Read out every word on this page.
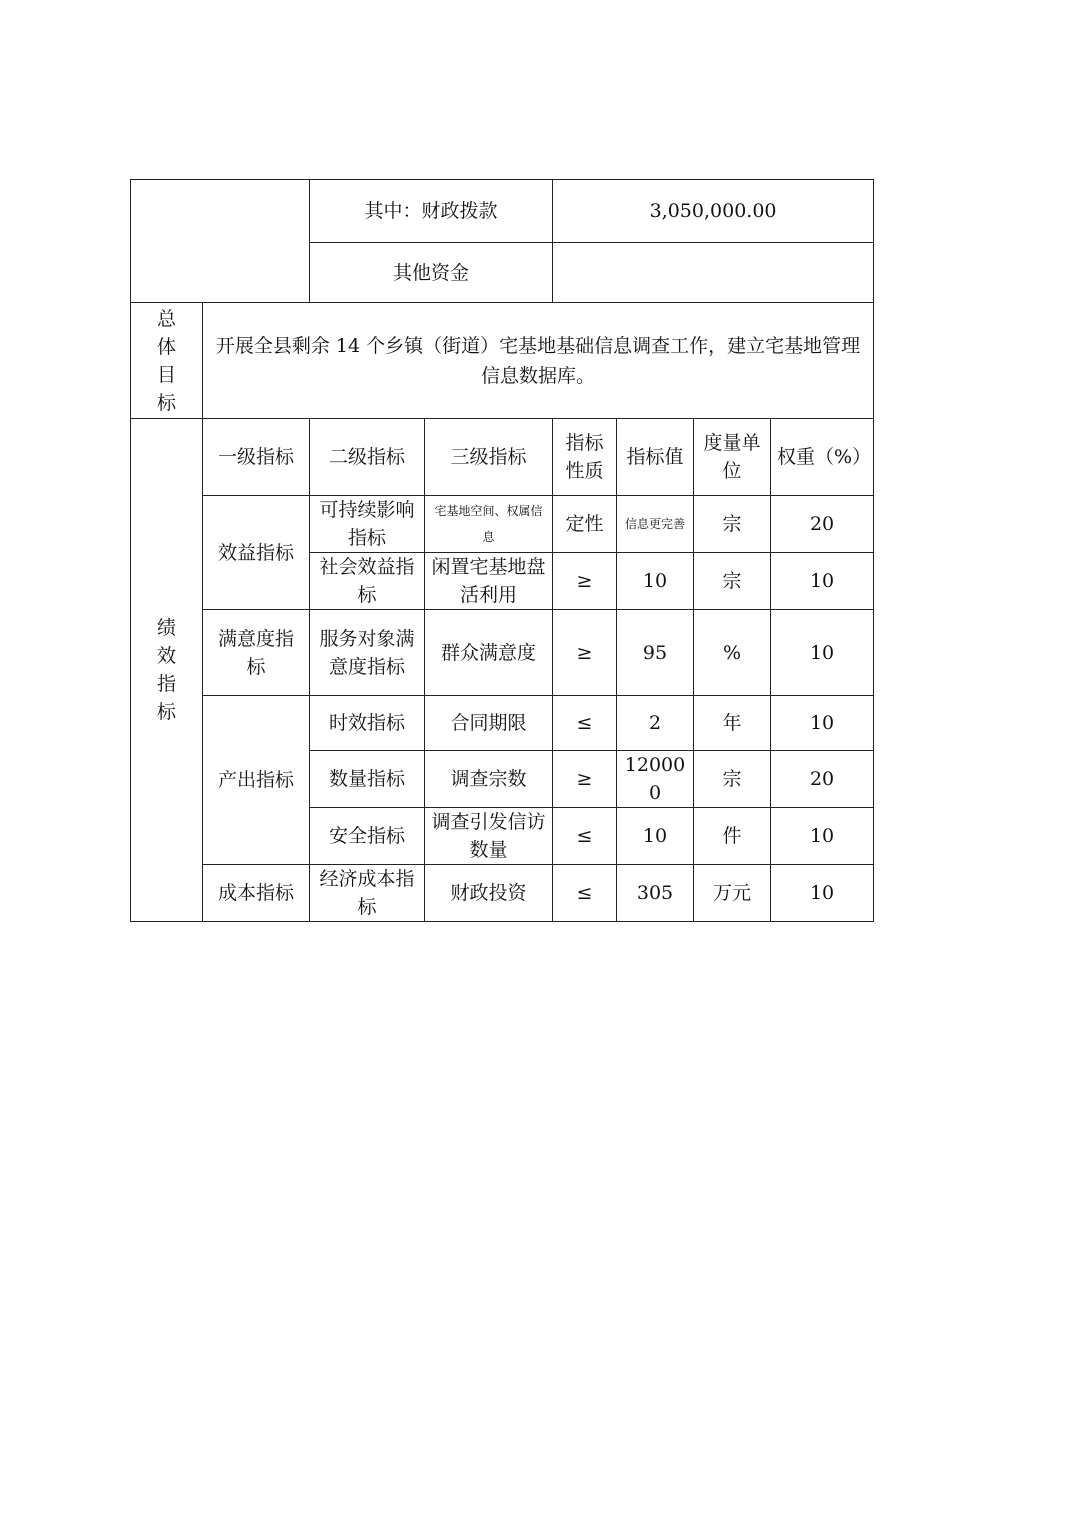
		其中：财政拨款		3,050,000.00			
		其他资金					

总
体
目
标	开展全县剩余 14 个乡镇（街道）宅基地基础信息调查工作，建立宅基地管理信息数据库。						

绩
效
指
标	一级指标	二级指标	三级指标	指标性质	指标值	度量单位	权重（%）
	效益指标	可持续影响指标	宅基地空间、权属信息	定性	信息更完善	宗	20
		社会效益指标	闲置宅基地盘活利用	≥	10	宗	10
	满意度指标	服务对象满意度指标	群众满意度	≥	95	%	10
	产出指标	时效指标	合同期限	≤	2	年	10
		数量指标	调查宗数	≥	120000	宗	20
		安全指标	调查引发信访数量	≤	10	件	10
	成本指标	经济成本指标	财政投资	≤	305	万元	10
